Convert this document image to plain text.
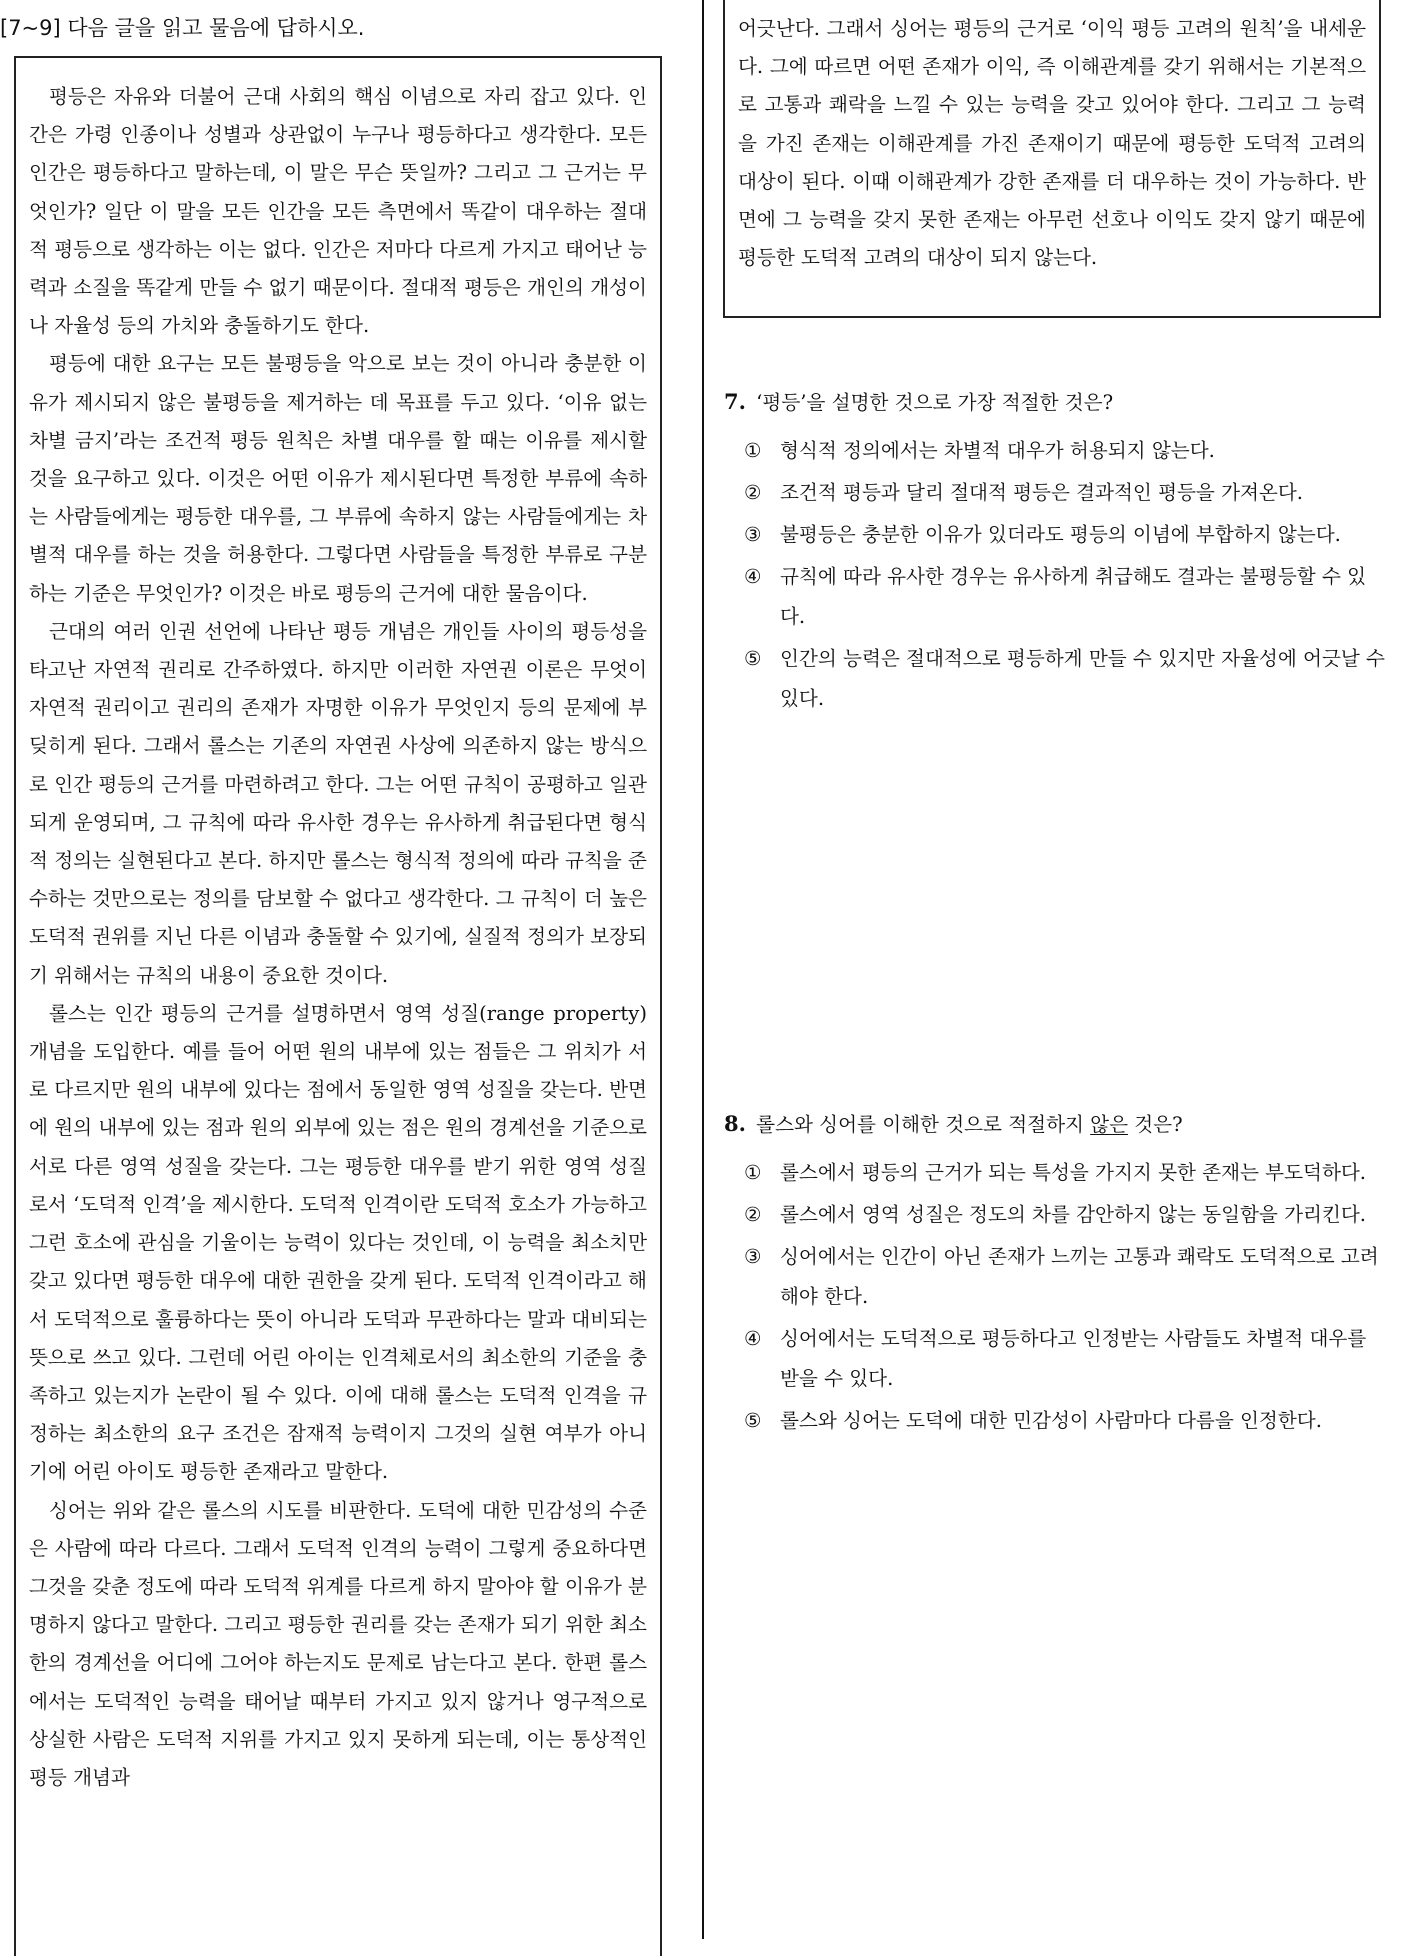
[7~9] 다음 글을 읽고 물음에 답하시오.

평등은 자유와 더불어 근대 사회의 핵심 이념으로 자리 잡고 있다. 인간은 가령 인종이나 성별과 상관없이 누구나 평등하다고 생각한다. 모든 인간은 평등하다고 말하는데, 이 말은 무슨 뜻일까? 그리고 그 근거는 무엇인가? 일단 이 말을 모든 인간을 모든 측면에서 똑같이 대우하는 절대적 평등으로 생각하는 이는 없다. 인간은 저마다 다르게 가지고 태어난 능력과 소질을 똑같게 만들 수 없기 때문이다. 절대적 평등은 개인의 개성이나 자율성 등의 가치와 충돌하기도 한다.

평등에 대한 요구는 모든 불평등을 악으로 보는 것이 아니라 충분한 이유가 제시되지 않은 불평등을 제거하는 데 목표를 두고 있다. ‘이유 없는 차별 금지’라는 조건적 평등 원칙은 차별 대우를 할 때는 이유를 제시할 것을 요구하고 있다. 이것은 어떤 이유가 제시된다면 특정한 부류에 속하는 사람들에게는 평등한 대우를, 그 부류에 속하지 않는 사람들에게는 차별적 대우를 하는 것을 허용한다. 그렇다면 사람들을 특정한 부류로 구분하는 기준은 무엇인가? 이것은 바로 평등의 근거에 대한 물음이다.

근대의 여러 인권 선언에 나타난 평등 개념은 개인들 사이의 평등성을 타고난 자연적 권리로 간주하였다. 하지만 이러한 자연권 이론은 무엇이 자연적 권리이고 권리의 존재가 자명한 이유가 무엇인지 등의 문제에 부딪히게 된다. 그래서 롤스는 기존의 자연권 사상에 의존하지 않는 방식으로 인간 평등의 근거를 마련하려고 한다. 그는 어떤 규칙이 공평하고 일관되게 운영되며, 그 규칙에 따라 유사한 경우는 유사하게 취급된다면 형식적 정의는 실현된다고 본다. 하지만 롤스는 형식적 정의에 따라 규칙을 준수하는 것만으로는 정의를 담보할 수 없다고 생각한다. 그 규칙이 더 높은 도덕적 권위를 지닌 다른 이념과 충돌할 수 있기에, 실질적 정의가 보장되기 위해서는 규칙의 내용이 중요한 것이다.

롤스는 인간 평등의 근거를 설명하면서 영역 성질(range property) 개념을 도입한다. 예를 들어 어떤 원의 내부에 있는 점들은 그 위치가 서로 다르지만 원의 내부에 있다는 점에서 동일한 영역 성질을 갖는다. 반면에 원의 내부에 있는 점과 원의 외부에 있는 점은 원의 경계선을 기준으로 서로 다른 영역 성질을 갖는다. 그는 평등한 대우를 받기 위한 영역 성질로서 ‘도덕적 인격’을 제시한다. 도덕적 인격이란 도덕적 호소가 가능하고 그런 호소에 관심을 기울이는 능력이 있다는 것인데, 이 능력을 최소치만 갖고 있다면 평등한 대우에 대한 권한을 갖게 된다. 도덕적 인격이라고 해서 도덕적으로 훌륭하다는 뜻이 아니라 도덕과 무관하다는 말과 대비되는 뜻으로 쓰고 있다. 그런데 어린 아이는 인격체로서의 최소한의 기준을 충족하고 있는지가 논란이 될 수 있다. 이에 대해 롤스는 도덕적 인격을 규정하는 최소한의 요구 조건은 잠재적 능력이지 그것의 실현 여부가 아니기에 어린 아이도 평등한 존재라고 말한다.

싱어는 위와 같은 롤스의 시도를 비판한다. 도덕에 대한 민감성의 수준은 사람에 따라 다르다. 그래서 도덕적 인격의 능력이 그렇게 중요하다면 그것을 갖춘 정도에 따라 도덕적 위계를 다르게 하지 말아야 할 이유가 분명하지 않다고 말한다. 그리고 평등한 권리를 갖는 존재가 되기 위한 최소한의 경계선을 어디에 그어야 하는지도 문제로 남는다고 본다. 한편 롤스에서는 도덕적인 능력을 태어날 때부터 가지고 있지 않거나 영구적으로 상실한 사람은 도덕적 지위를 가지고 있지 못하게 되는데, 이는 통상적인 평등 개념과

어긋난다. 그래서 싱어는 평등의 근거로 ‘이익 평등 고려의 원칙’을 내세운다. 그에 따르면 어떤 존재가 이익, 즉 이해관계를 갖기 위해서는 기본적으로 고통과 쾌락을 느낄 수 있는 능력을 갖고 있어야 한다. 그리고 그 능력을 가진 존재는 이해관계를 가진 존재이기 때문에 평등한 도덕적 고려의 대상이 된다. 이때 이해관계가 강한 존재를 더 대우하는 것이 가능하다. 반면에 그 능력을 갖지 못한 존재는 아무런 선호나 이익도 갖지 않기 때문에 평등한 도덕적 고려의 대상이 되지 않는다.

7. ‘평등’을 설명한 것으로 가장 적절한 것은?

① 형식적 정의에서는 차별적 대우가 허용되지 않는다.
② 조건적 평등과 달리 절대적 평등은 결과적인 평등을 가져온다.
③ 불평등은 충분한 이유가 있더라도 평등의 이념에 부합하지 않는다.
④ 규칙에 따라 유사한 경우는 유사하게 취급해도 결과는 불평등할 수 있다.
⑤ 인간의 능력은 절대적으로 평등하게 만들 수 있지만 자율성에 어긋날 수 있다.

8. 롤스와 싱어를 이해한 것으로 적절하지 않은 것은?

① 롤스에서 평등의 근거가 되는 특성을 가지지 못한 존재는 부도덕하다.
② 롤스에서 영역 성질은 정도의 차를 감안하지 않는 동일함을 가리킨다.
③ 싱어에서는 인간이 아닌 존재가 느끼는 고통과 쾌락도 도덕적으로 고려해야 한다.
④ 싱어에서는 도덕적으로 평등하다고 인정받는 사람들도 차별적 대우를 받을 수 있다.
⑤ 롤스와 싱어는 도덕에 대한 민감성이 사람마다 다름을 인정한다.
